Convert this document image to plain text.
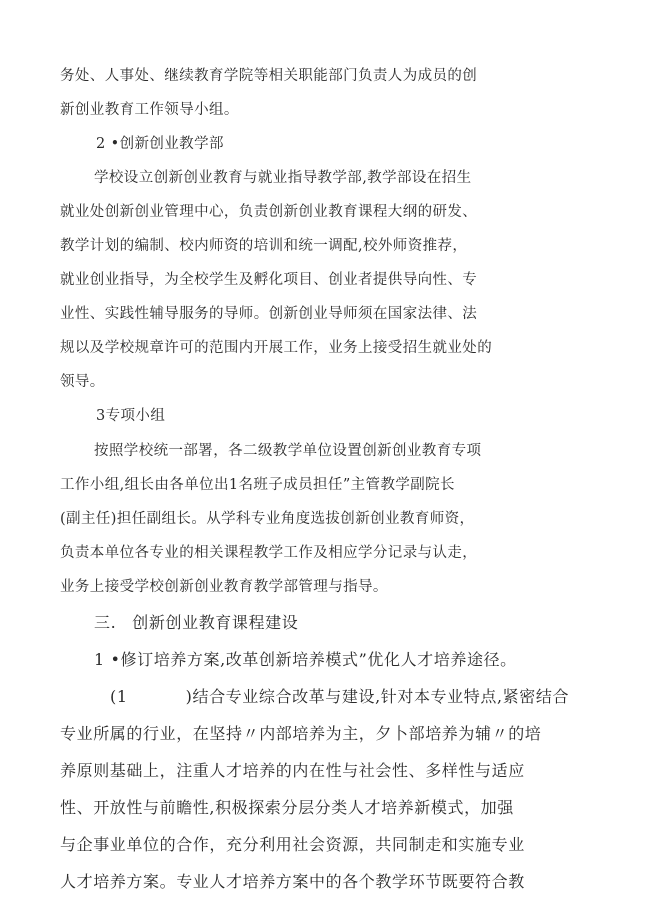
务处、人事处、继续教育学院等相关职能部门负责人为成员的创
新创业教育工作领导小组。
2 •创新创业教学部
学校设立创新创业教育与就业指导教学部,教学部设在招生
就业处创新创业管理中心，负责创新创业教育课程大纲的研发、
教学计划的编制、校内师资的培训和统一调配,校外师资推荐，
就业创业指导，为全校学生及孵化项目、创业者提供导向性、专
业性、实践性辅导服务的导师。创新创业导师须在国家法律、法
规以及学校规章许可的范围内开展工作，业务上接受招生就业处的
领导。
3专项小组
按照学校统一部署，各二级教学单位设置创新创业教育专项
工作小组,组长由各单位出1名班子成员担任”主管教学副院长
(副主任)担任副组长。从学科专业角度选拔创新创业教育师资，
负责本单位各专业的相关课程教学工作及相应学分记录与认走，
业务上接受学校创新创业教育教学部管理与指导。
三. 创新创业教育课程建设
1 •修订培养方案,改革创新培养模式”优化人才培养途径。
(1	)结合专业综合改革与建设,针对本专业特点,紧密结合
专业所属的行业，在坚持〃内部培养为主，夕卜部培养为辅〃的培
养原则基础上，注重人才培养的内在性与社会性、多样性与适应
性、开放性与前瞻性,积极探索分层分类人才培养新模式，加强
与企事业单位的合作，充分利用社会资源，共同制走和实施专业
人才培养方案。专业人才培养方案中的各个教学环节既要符合教
